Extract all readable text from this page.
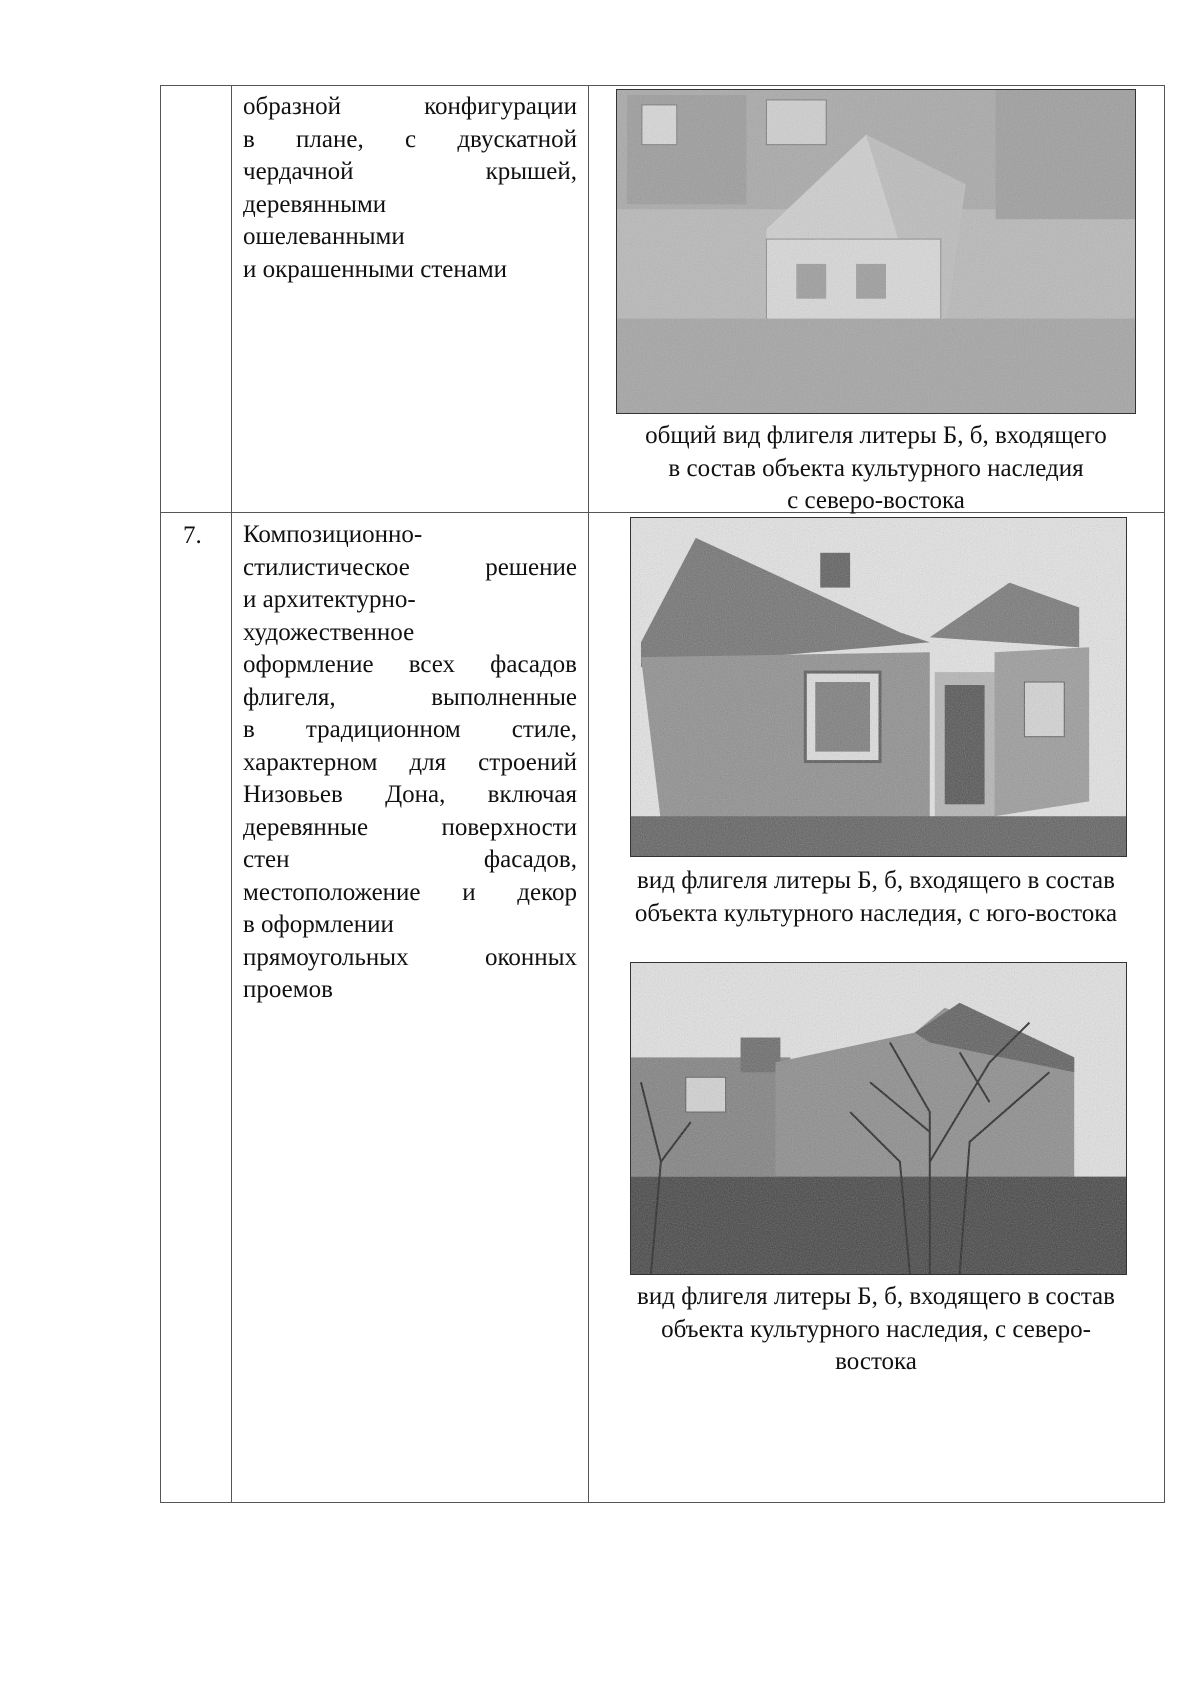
образной конфигурации
в плане, с двускатной
чердачной крышей,
деревянными
ошелеванными
и окрашенными стенами
общий вид флигеля литеры Б, б, входящего
в состав объекта культурного наследия
с северо-востока
7. Композиционно-
стилистическое решение
и архитектурно-
художественное
оформление всех фасадов
флигеля, выполненные
в традиционном стиле,
характерном для строений
Низовьев Дона, включая
деревянные поверхности
стен фасадов,
местоположение и декор
в оформлении
прямоугольных оконных
проемов
вид флигеля литеры Б, б, входящего в состав
объекта культурного наследия, с юго-востока
вид флигеля литеры Б, б, входящего в состав
объекта культурного наследия, с северо-
востока
